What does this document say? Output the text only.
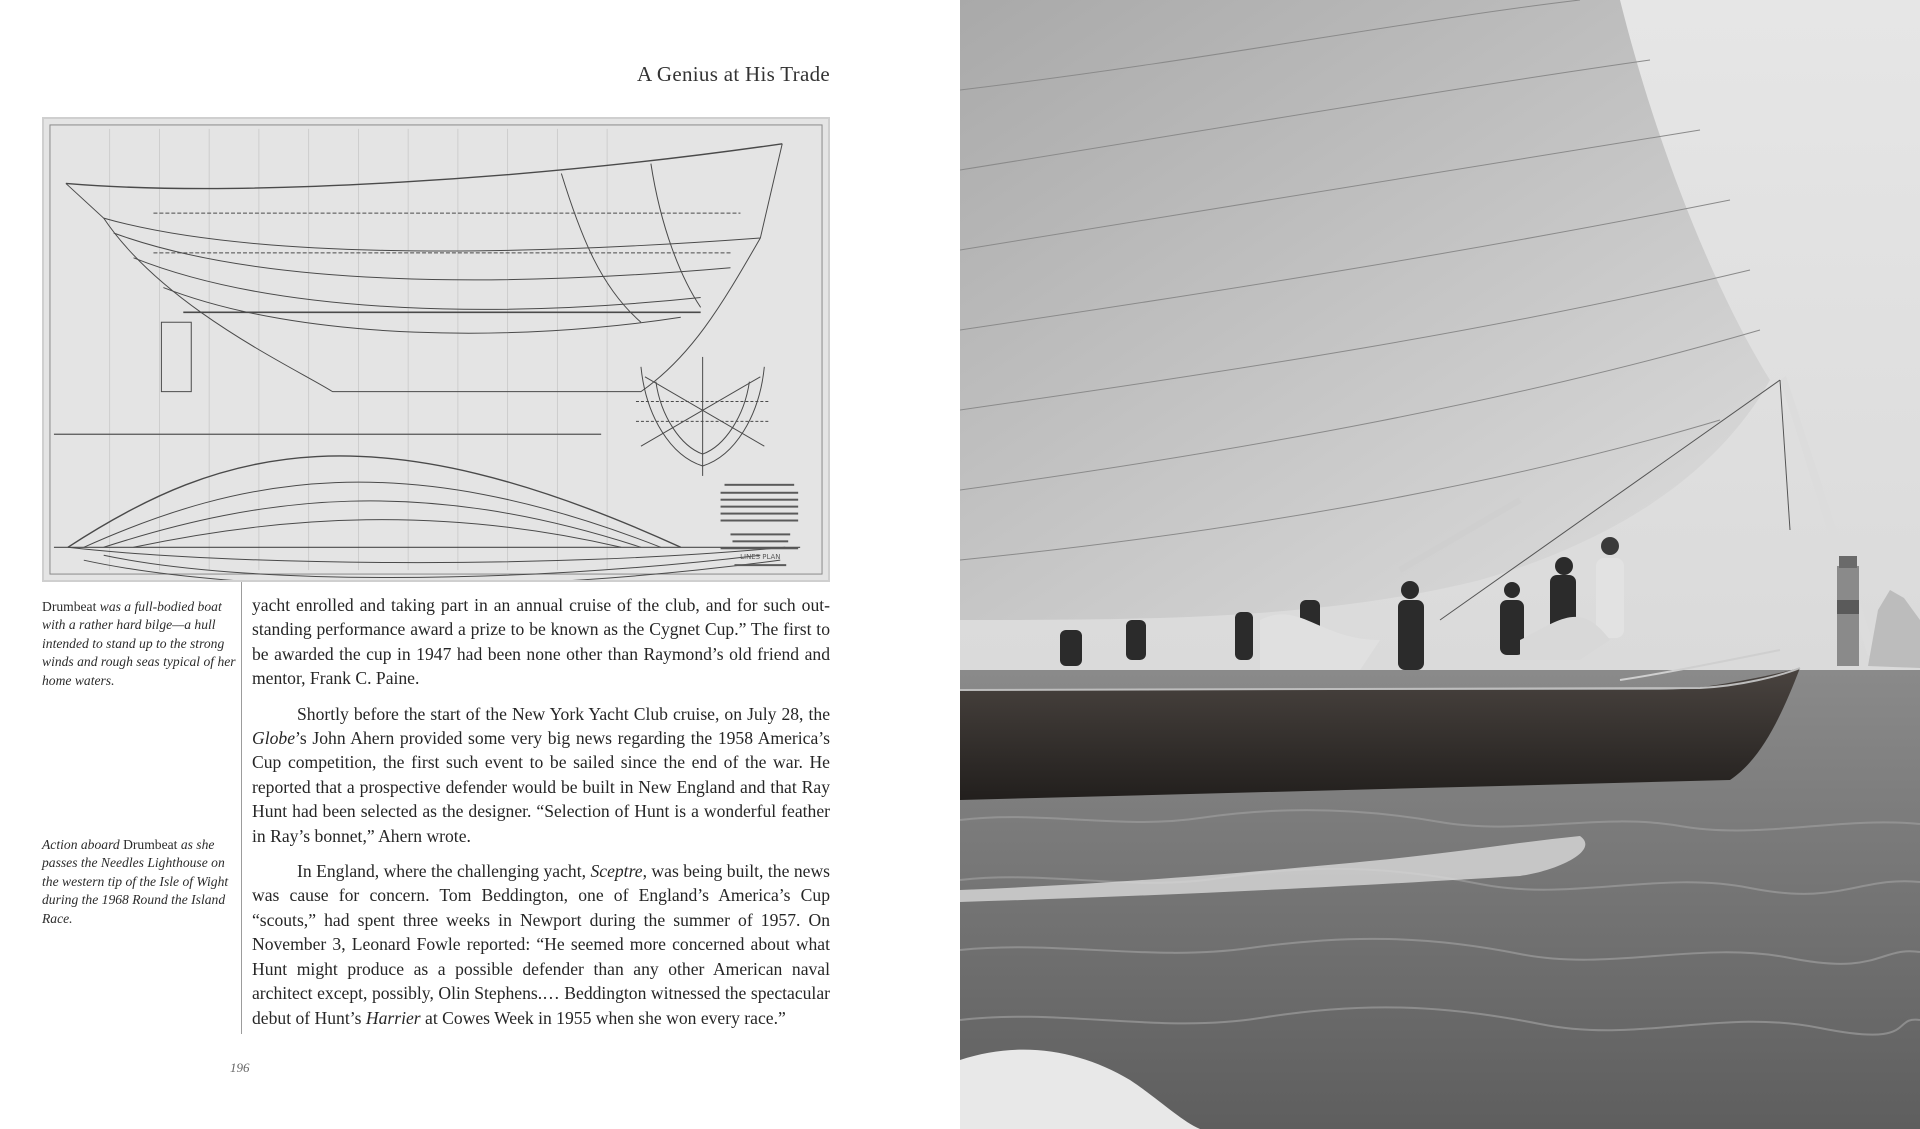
A Genius at His Trade
LINES PLAN
Drumbeat was a full-bodied boat with a rather hard bilge—a hull intended to stand up to the strong winds and rough seas typical of her home waters.
Action aboard Drumbeat as she passes the Needles Lighthouse on the western tip of the Isle of Wight during the 1968 Round the Island Race.

yacht enrolled and taking part in an annual cruise of the club, and for such out-standing performance award a prize to be known as the Cygnet Cup.” The first to be awarded the cup in 1947 had been none other than Raymond’s old friend and mentor, Frank C. Paine.

Shortly before the start of the New York Yacht Club cruise, on July 28, the Globe’s John Ahern provided some very big news regarding the 1958 America’s Cup competition, the first such event to be sailed since the end of the war. He reported that a prospective defender would be built in New England and that Ray Hunt had been selected as the designer. “Selection of Hunt is a wonderful feather in Ray’s bonnet,” Ahern wrote.

In England, where the challenging yacht, Sceptre, was being built, the news was cause for concern. Tom Beddington, one of England’s America’s Cup “scouts,” had spent three weeks in Newport during the summer of 1957. On November 3, Leonard Fowle reported: “He seemed more concerned about what Hunt might produce as a possible defender than any other American naval architect except, possibly, Olin Stephens.… Beddington witnessed the spectacular debut of Hunt’s Harrier at Cowes Week in 1955 when she won every race.”

196
